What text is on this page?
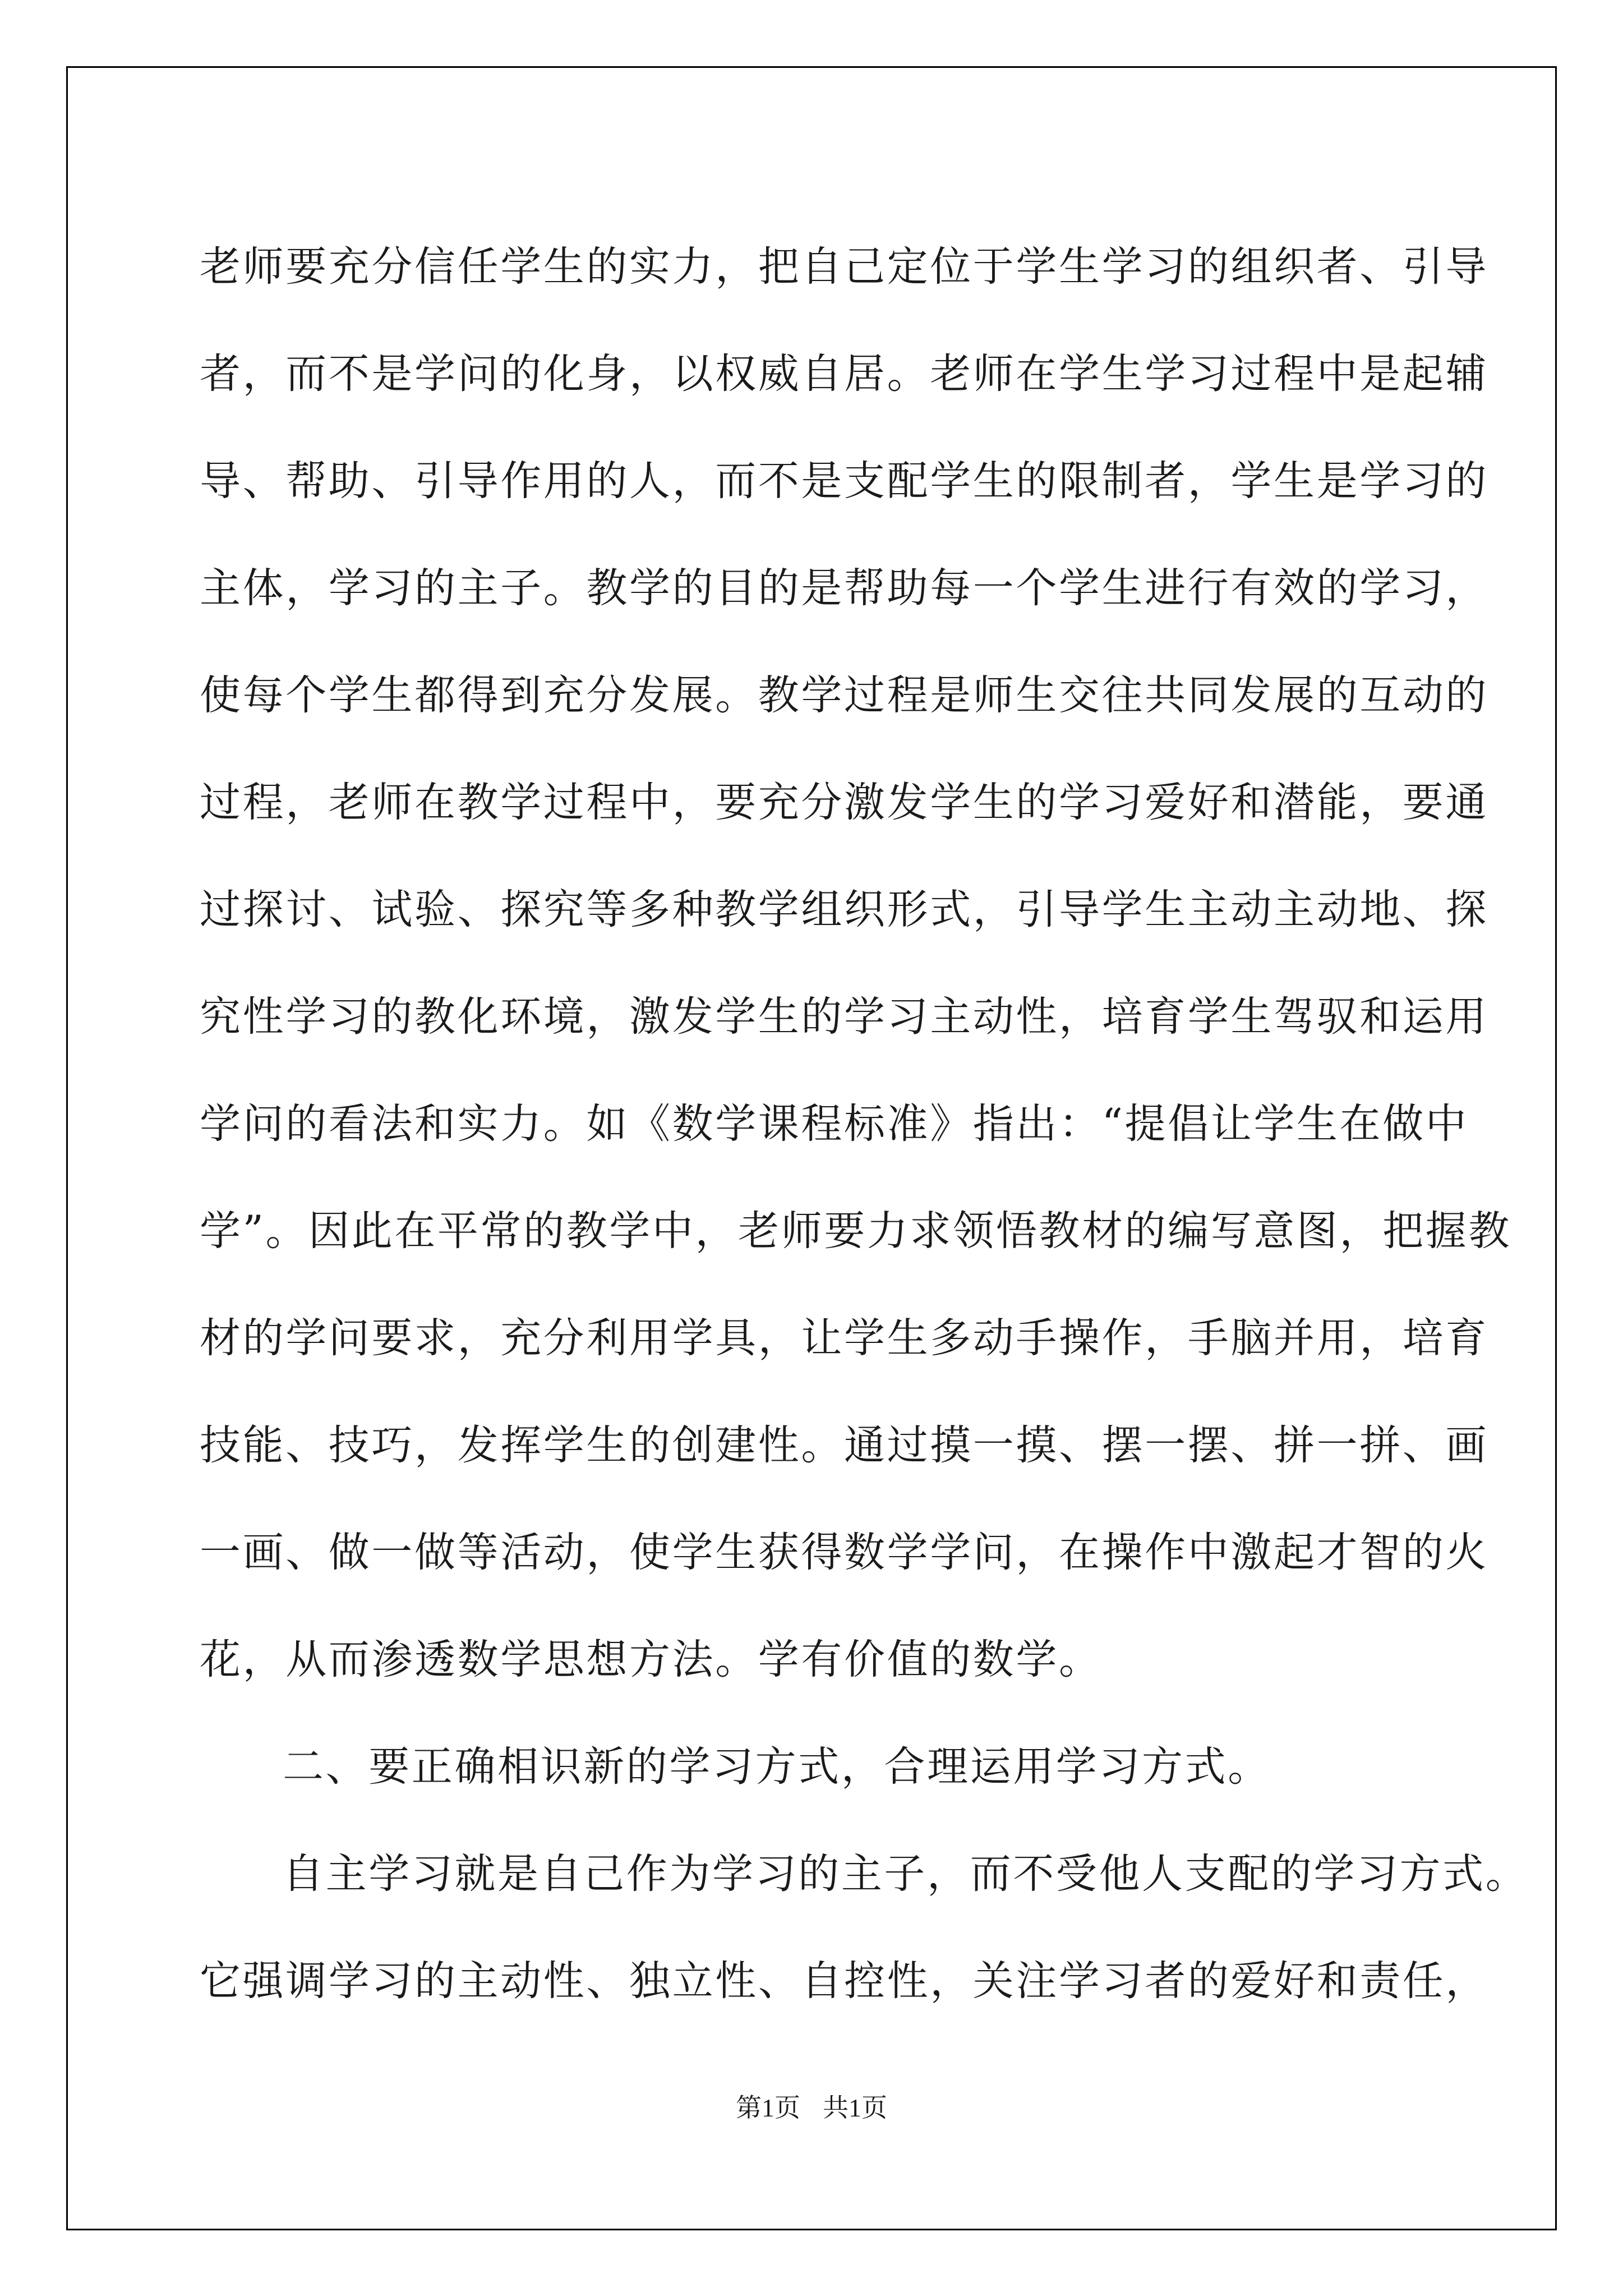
老师要充分信任学生的实力，把自己定位于学生学习的组织者、引导
者，而不是学问的化身，以权威自居。老师在学生学习过程中是起辅
导、帮助、引导作用的人，而不是支配学生的限制者，学生是学习的
主体，学习的主子。教学的目的是帮助每一个学生进行有效的学习，
使每个学生都得到充分发展。教学过程是师生交往共同发展的互动的
过程，老师在教学过程中，要充分激发学生的学习爱好和潜能，要通
过探讨、试验、探究等多种教学组织形式，引导学生主动主动地、探
究性学习的教化环境，激发学生的学习主动性，培育学生驾驭和运用
学问的看法和实力。如《数学课程标准》指出：“提倡让学生在做中
学”。因此在平常的教学中，老师要力求领悟教材的编写意图，把握教
材的学问要求，充分利用学具，让学生多动手操作，手脑并用，培育
技能、技巧，发挥学生的创建性。通过摸一摸、摆一摆、拼一拼、画
一画、做一做等活动，使学生获得数学学问，在操作中激起才智的火
花，从而渗透数学思想方法。学有价值的数学。
二、要正确相识新的学习方式，合理运用学习方式。
自主学习就是自己作为学习的主子，而不受他人支配的学习方式。
它强调学习的主动性、独立性、自控性，关注学习者的爱好和责任，
第1页 共1页
